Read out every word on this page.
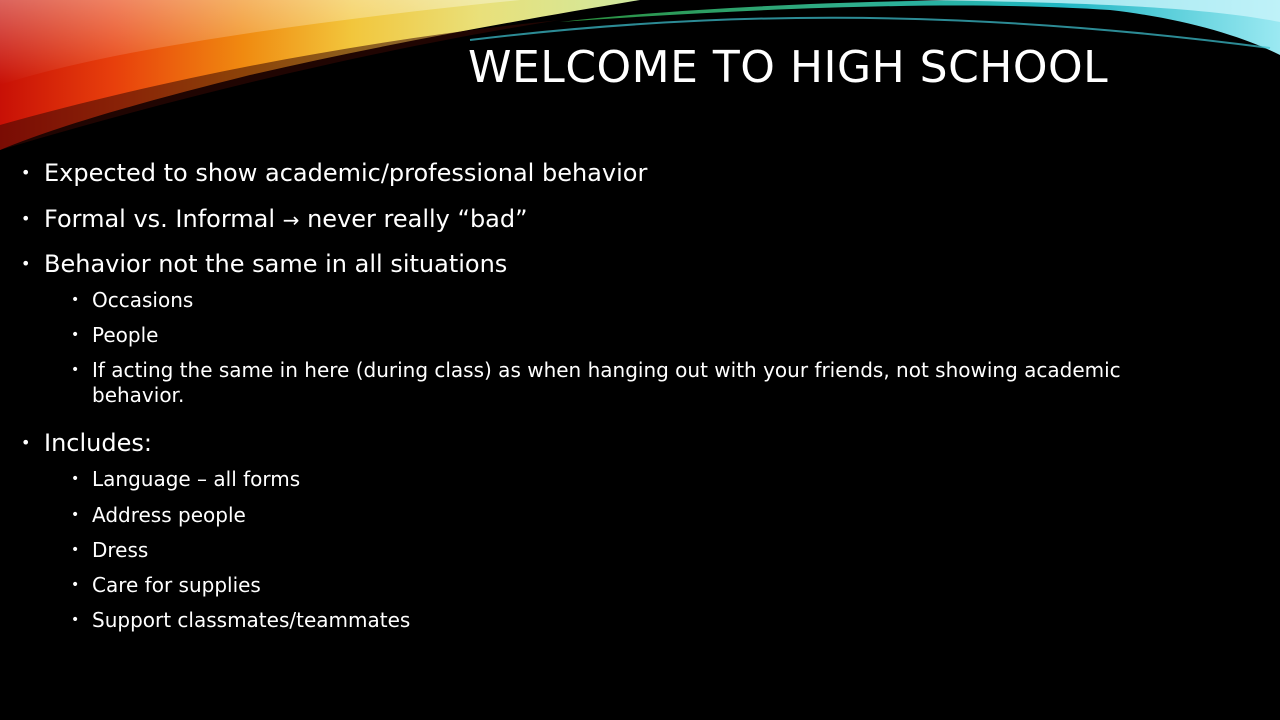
WELCOME TO HIGH SCHOOL

• Expected to show academic/professional behavior

• Formal vs. Informal → never really “bad”

• Behavior not the same in all situations

• Occasions

• People

• If acting the same in here (during class) as when hanging out with your friends, not showing academic behavior.

• Includes:

• Language – all forms

• Address people

• Dress

• Care for supplies

• Support classmates/teammates
